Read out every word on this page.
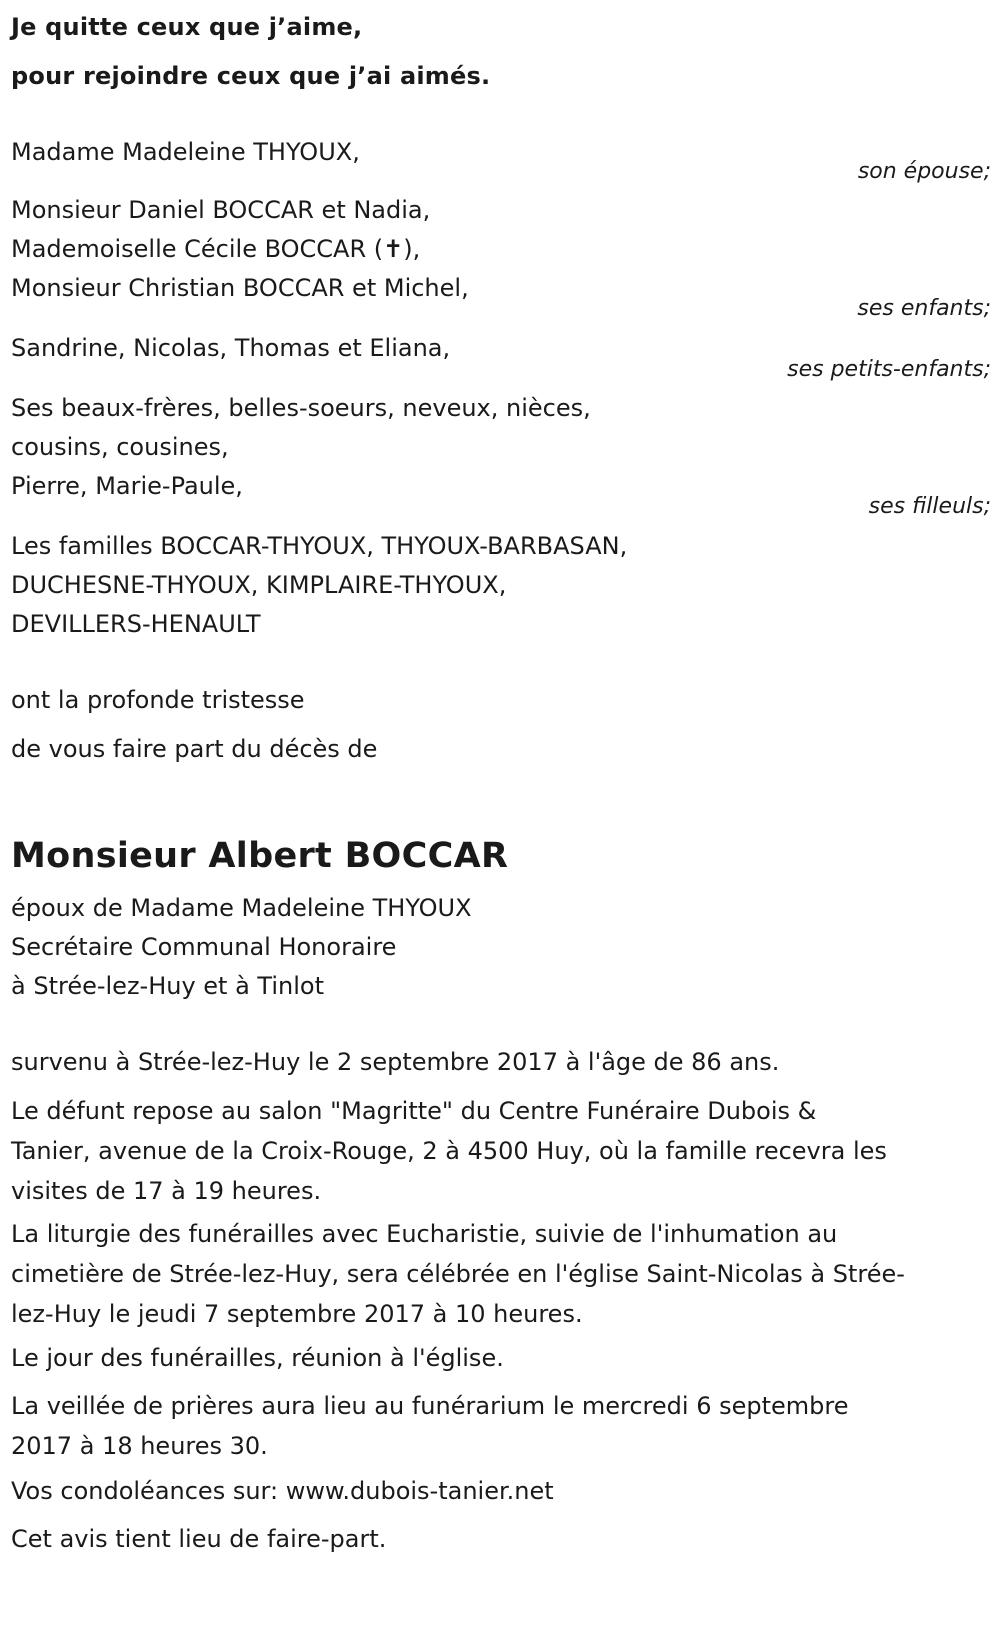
Je quitte ceux que j’aime,

pour rejoindre ceux que j’ai aimés.

Madame Madeleine THYOUX,

son épouse;

Monsieur Daniel BOCCAR et Nadia,

Mademoiselle Cécile BOCCAR (✝),

Monsieur Christian BOCCAR et Michel,

ses enfants;

Sandrine, Nicolas, Thomas et Eliana,

ses petits-enfants;

Ses beaux-frères, belles-soeurs, neveux, nièces,

cousins, cousines,

Pierre, Marie-Paule,

ses filleuls;

Les familles BOCCAR-THYOUX, THYOUX-BARBASAN,

DUCHESNE-THYOUX, KIMPLAIRE-THYOUX,

DEVILLERS-HENAULT

ont la profonde tristesse

de vous faire part du décès de

Monsieur Albert BOCCAR

époux de Madame Madeleine THYOUX

Secrétaire Communal Honoraire

à Strée-lez-Huy et à Tinlot

survenu à Strée-lez-Huy le 2 septembre 2017 à l'âge de 86 ans.

Le défunt repose au salon "Magritte" du Centre Funéraire Dubois &
Tanier, avenue de la Croix-Rouge, 2 à 4500 Huy, où la famille recevra les
visites de 17 à 19 heures.
La liturgie des funérailles avec Eucharistie, suivie de l'inhumation au
cimetière de Strée-lez-Huy, sera célébrée en l'église Saint-Nicolas à Strée-
lez-Huy le jeudi 7 septembre 2017 à 10 heures.

Le jour des funérailles, réunion à l'église.

La veillée de prières aura lieu au funérarium le mercredi 6 septembre
2017 à 18 heures 30.

Vos condoléances sur: www.dubois-tanier.net

Cet avis tient lieu de faire-part.
